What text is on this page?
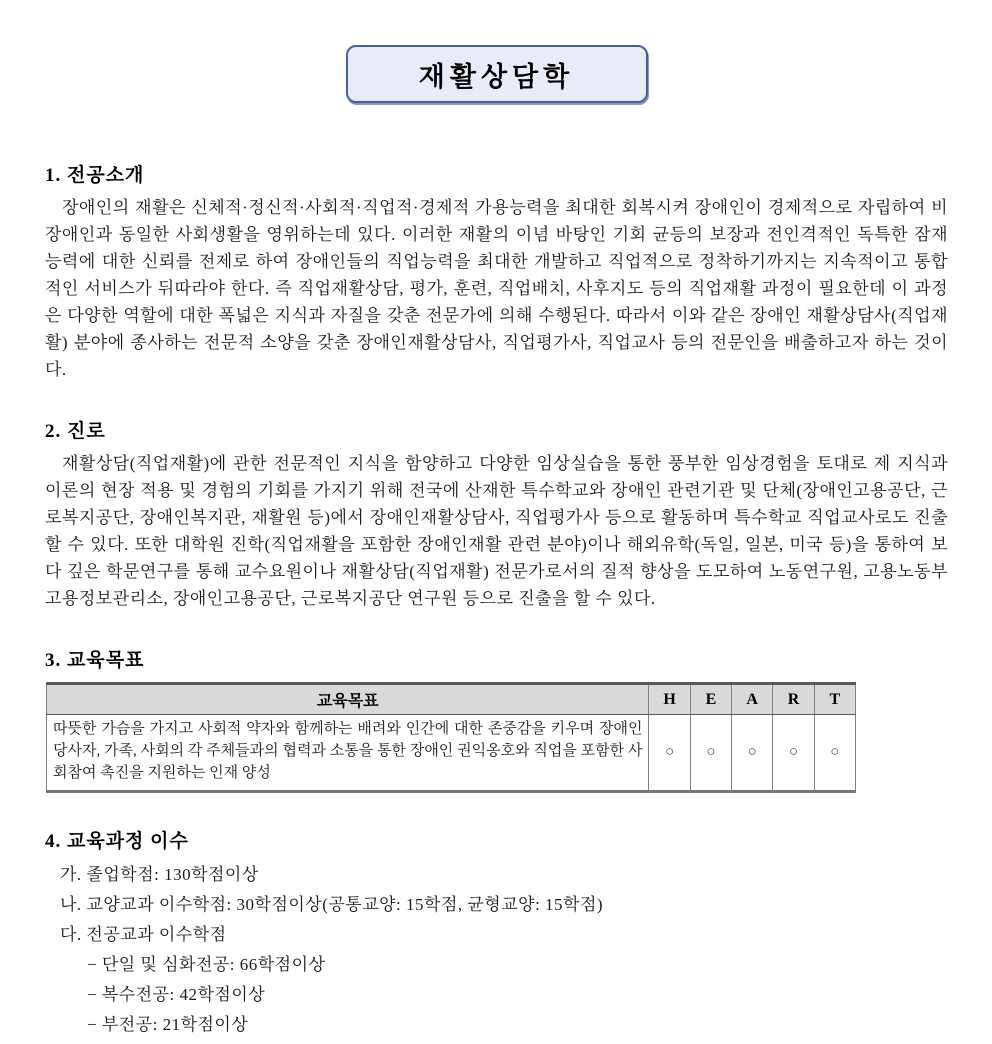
재활상담학
1. 전공소개

장애인의 재활은 신체적·정신적·사회적·직업적·경제적 가용능력을 최대한 회복시켜 장애인이 경제적으로 자립하여 비장애인과 동일한 사회생활을 영위하는데 있다. 이러한 재활의 이념 바탕인 기회 균등의 보장과 전인격적인 독특한 잠재 능력에 대한 신뢰를 전제로 하여 장애인들의 직업능력을 최대한 개발하고 직업적으로 정착하기까지는 지속적이고 통합적인 서비스가 뒤따라야 한다. 즉 직업재활상담, 평가, 훈련, 직업배치, 사후지도 등의 직업재활 과정이 필요한데 이 과정은 다양한 역할에 대한 폭넓은 지식과 자질을 갖춘 전문가에 의해 수행된다. 따라서 이와 같은 장애인 재활상담사(직업재활) 분야에 종사하는 전문적 소양을 갖춘 장애인재활상담사, 직업평가사, 직업교사 등의 전문인을 배출하고자 하는 것이다.

2. 진로

재활상담(직업재활)에 관한 전문적인 지식을 함양하고 다양한 임상실습을 통한 풍부한 임상경험을 토대로 제 지식과 이론의 현장 적용 및 경험의 기회를 가지기 위해 전국에 산재한 특수학교와 장애인 관련기관 및 단체(장애인고용공단, 근로복지공단, 장애인복지관, 재활원 등)에서 장애인재활상담사, 직업평가사 등으로 활동하며 특수학교 직업교사로도 진출할 수 있다. 또한 대학원 진학(직업재활을 포함한 장애인재활 관련 분야)이나 해외유학(독일, 일본, 미국 등)을 통하여 보다 깊은 학문연구를 통해 교수요원이나 재활상담(직업재활) 전문가로서의 질적 향상을 도모하여 노동연구원, 고용노동부 고용정보관리소, 장애인고용공단, 근로복지공단 연구원 등으로 진출을 할 수 있다.

3. 교육목표
교육목표	H	E	A	R	T
따뜻한 가슴을 가지고 사회적 약자와 함께하는 배려와 인간에 대한 존중감을 키우며 장애인당사자, 가족, 사회의 각 주체들과의 협력과 소통을 통한 장애인 권익옹호와 직업을 포함한 사회참여 촉진을 지원하는 인재 양성	○	○	○	○	○
4. 교육과정 이수
가. 졸업학점: 130학점이상
나. 교양교과 이수학점: 30학점이상(공통교양: 15학점, 균형교양: 15학점)
다. 전공교과 이수학점
− 단일 및 심화전공: 66학점이상
− 복수전공: 42학점이상
− 부전공: 21학점이상
